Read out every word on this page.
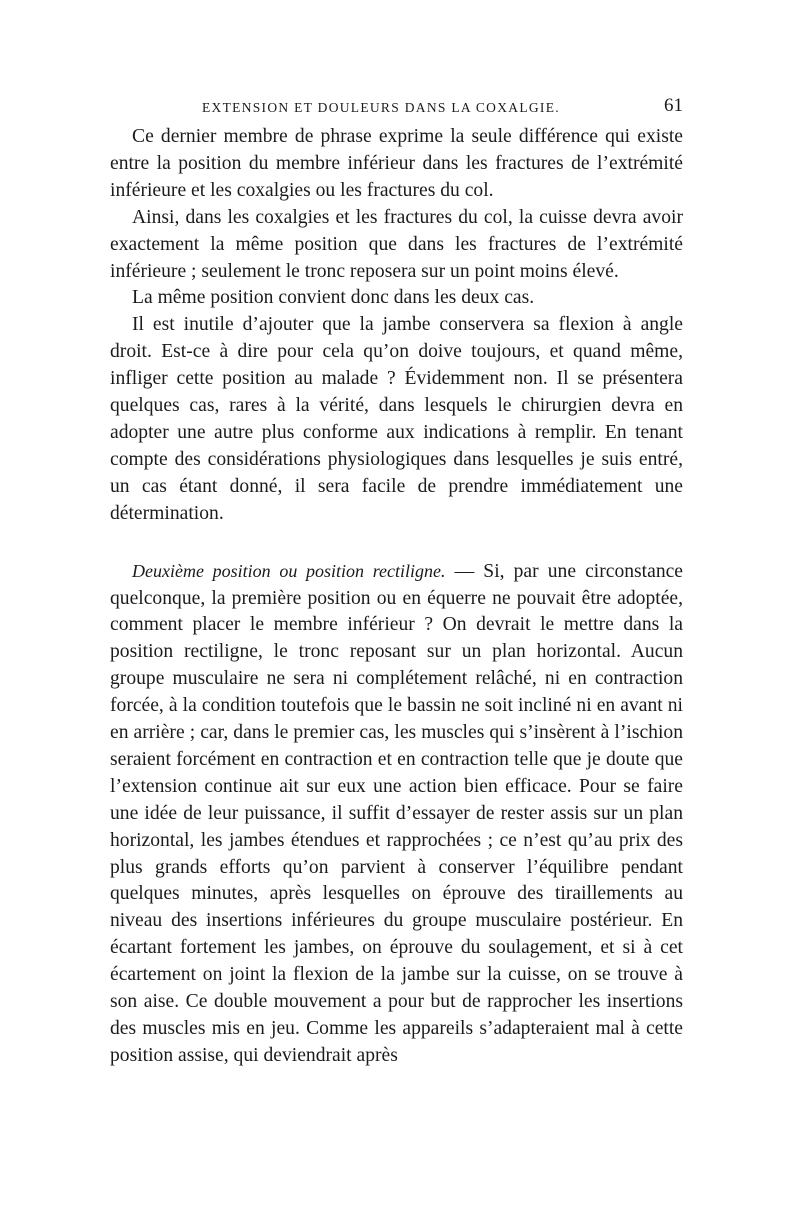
EXTENSION ET DOULEURS DANS LA COXALGIE.	61

Ce dernier membre de phrase exprime la seule différence qui existe entre la position du membre inférieur dans les fractures de l’extrémité inférieure et les coxalgies ou les fractures du col.

Ainsi, dans les coxalgies et les fractures du col, la cuisse devra avoir exactement la même position que dans les fractures de l’extrémité inférieure ; seulement le tronc reposera sur un point moins élevé.

La même position convient donc dans les deux cas.

Il est inutile d’ajouter que la jambe conservera sa flexion à angle droit. Est-ce à dire pour cela qu’on doive toujours, et quand même, infliger cette position au malade ? Évidemment non. Il se présentera quelques cas, rares à la vérité, dans lesquels le chirurgien devra en adopter une autre plus conforme aux indications à remplir. En tenant compte des considérations physiologiques dans lesquelles je suis entré, un cas étant donné, il sera facile de prendre immédiatement une détermination.

Deuxième position ou position rectiligne. — Si, par une circonstance quelconque, la première position ou en équerre ne pouvait être adoptée, comment placer le membre inférieur ? On devrait le mettre dans la position rectiligne, le tronc reposant sur un plan horizontal. Aucun groupe musculaire ne sera ni complétement relâché, ni en contraction forcée, à la condition toutefois que le bassin ne soit incliné ni en avant ni en arrière ; car, dans le premier cas, les muscles qui s’insèrent à l’ischion seraient forcément en contraction et en contraction telle que je doute que l’extension continue ait sur eux une action bien efficace. Pour se faire une idée de leur puissance, il suffit d’essayer de rester assis sur un plan horizontal, les jambes étendues et rapprochées ; ce n’est qu’au prix des plus grands efforts qu’on parvient à conserver l’équilibre pendant quelques minutes, après lesquelles on éprouve des tiraillements au niveau des insertions inférieures du groupe musculaire postérieur. En écartant fortement les jambes, on éprouve du soulagement, et si à cet écartement on joint la flexion de la jambe sur la cuisse, on se trouve à son aise. Ce double mouvement a pour but de rapprocher les insertions des muscles mis en jeu. Comme les appareils s’adapteraient mal à cette position assise, qui deviendrait après
